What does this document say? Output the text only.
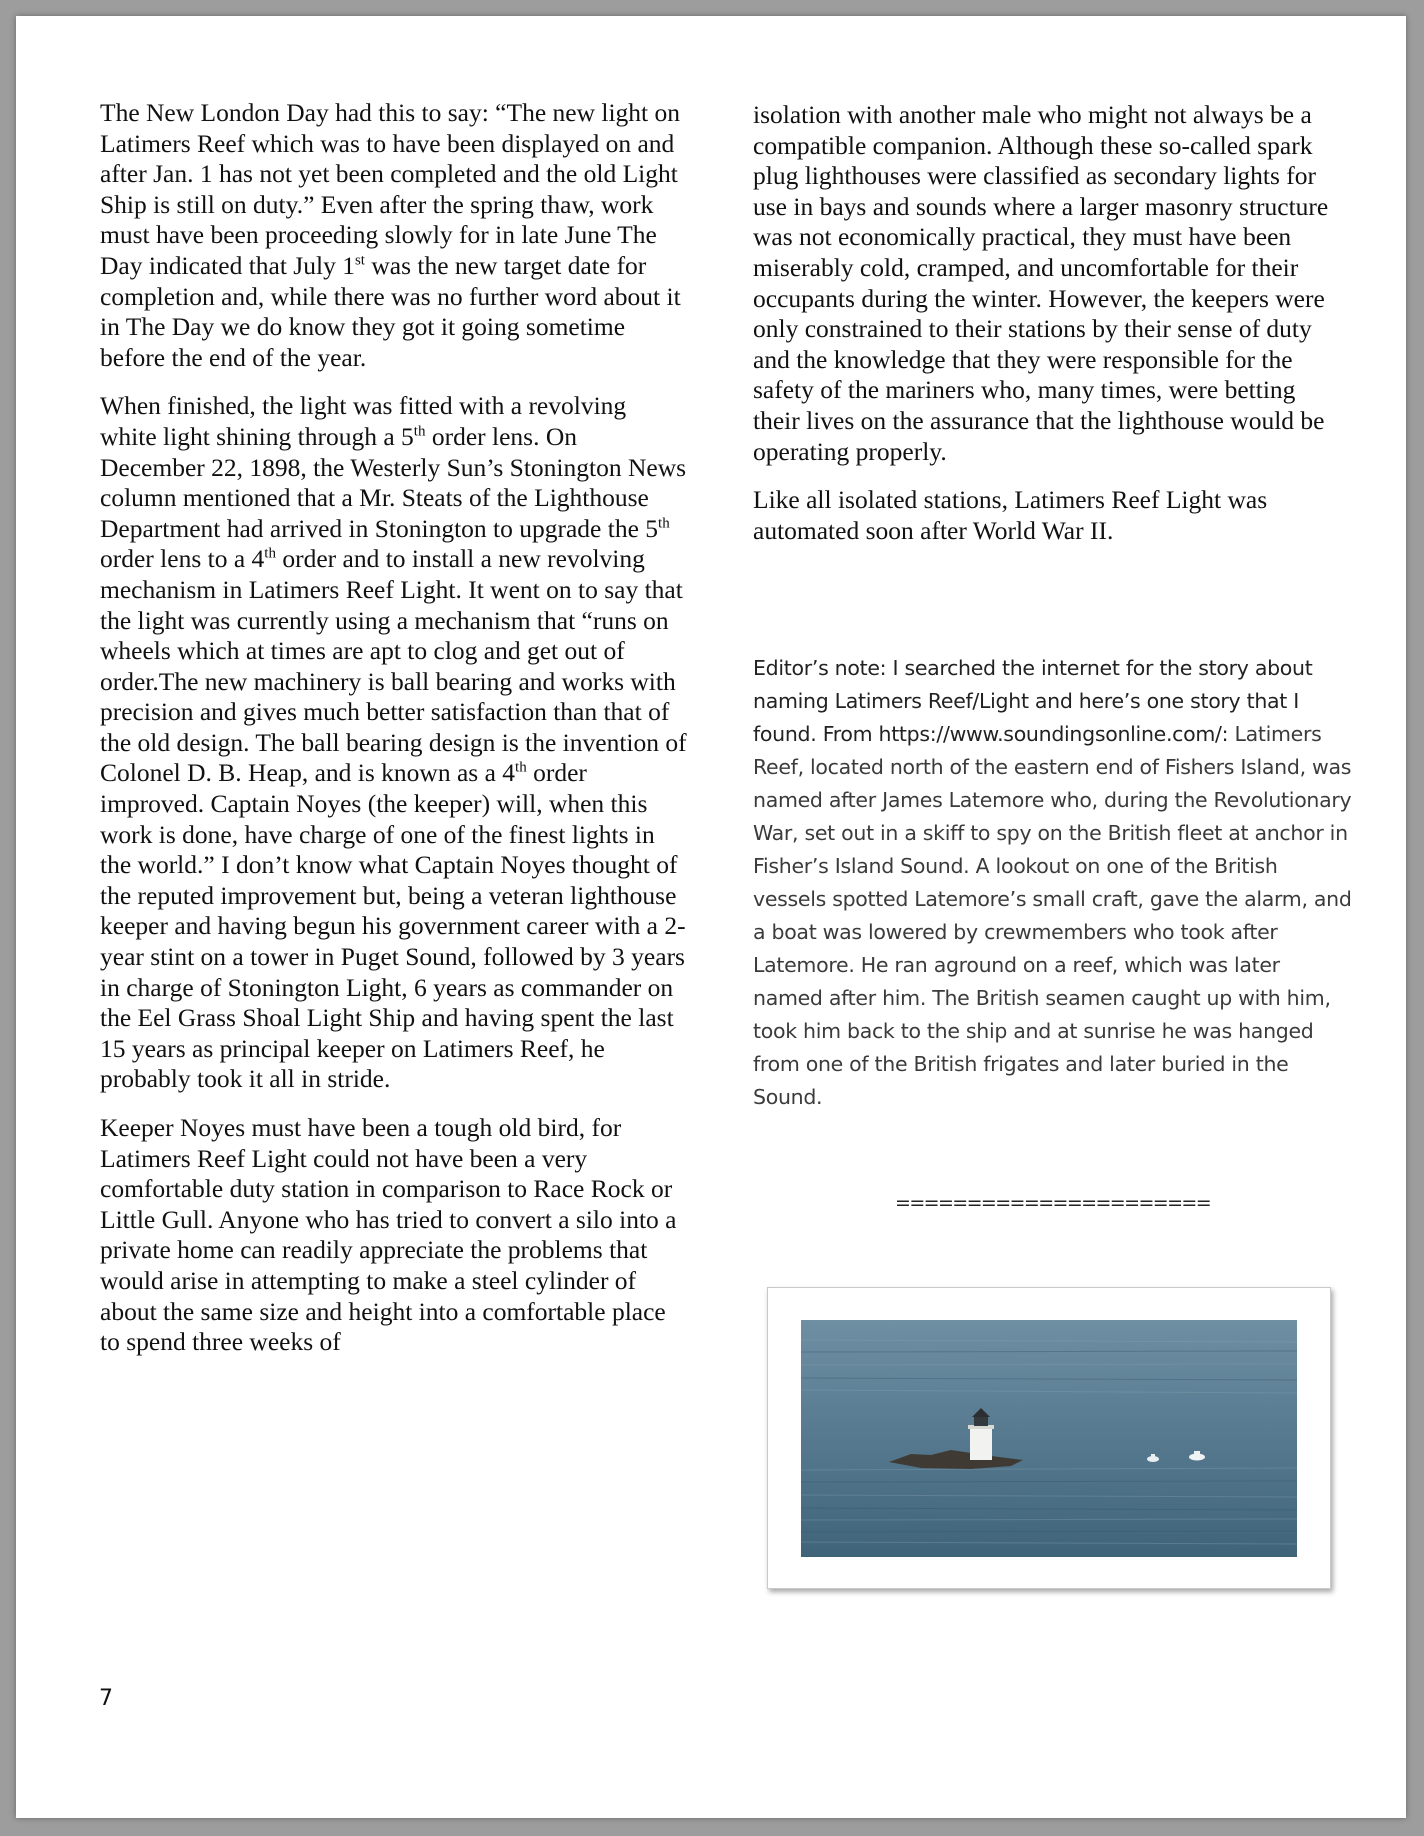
The New London Day had this to say: “The new light on Latimers Reef which was to have been displayed on and after Jan. 1 has not yet been completed and the old Light Ship is still on duty.” Even after the spring thaw, work must have been proceeding slowly for in late June The Day indicated that July 1st was the new target date for completion and, while there was no further word about it in The Day we do know they got it going sometime before the end of the year.

When finished, the light was fitted with a revolving white light shining through a 5th order lens. On December 22, 1898, the Westerly Sun’s Stonington News column mentioned that a Mr. Steats of the Lighthouse Department had arrived in Stonington to upgrade the 5th order lens to a 4th order and to install a new revolving mechanism in Latimers Reef Light. It went on to say that the light was currently using a mechanism that “runs on wheels which at times are apt to clog and get out of order.The new machinery is ball bearing and works with precision and gives much better satisfaction than that of the old design. The ball bearing design is the invention of Colonel D. B. Heap, and is known as a 4th order improved. Captain Noyes (the keeper) will, when this work is done, have charge of one of the finest lights in the world.” I don’t know what Captain Noyes thought of the reputed improvement but, being a veteran lighthouse keeper and having begun his government career with a 2-year stint on a tower in Puget Sound, followed by 3 years in charge of Stonington Light, 6 years as commander on the Eel Grass Shoal Light Ship and having spent the last 15 years as principal keeper on Latimers Reef, he probably took it all in stride.

Keeper Noyes must have been a tough old bird, for Latimers Reef Light could not have been a very comfortable duty station in comparison to Race Rock or Little Gull. Anyone who has tried to convert a silo into a private home can readily appreciate the problems that would arise in attempting to make a steel cylinder of about the same size and height into a comfortable place to spend three weeks of

isolation with another male who might not always be a compatible companion. Although these so-called spark plug lighthouses were classified as secondary lights for use in bays and sounds where a larger masonry structure was not economically practical, they must have been miserably cold, cramped, and uncomfortable for their occupants during the winter. However, the keepers were only constrained to their stations by their sense of duty and the knowledge that they were responsible for the safety of the mariners who, many times, were betting their lives on the assurance that the lighthouse would be operating properly.

Like all isolated stations, Latimers Reef Light was automated soon after World War II.

Editor’s note: I searched the internet for the story about naming Latimers Reef/Light and here’s one story that I found. From https://www.soundingsonline.com/: Latimers Reef, located north of the eastern end of Fishers Island, was named after James Latemore who, during the Revolutionary War, set out in a skiff to spy on the British fleet at anchor in Fisher’s Island Sound. A lookout on one of the British vessels spotted Latemore’s small craft, gave the alarm, and a boat was lowered by crewmembers who took after Latemore. He ran aground on a reef, which was later named after him. The British seamen caught up with him, took him back to the ship and at sunrise he was hanged from one of the British frigates and later buried in the Sound.
======================
7
